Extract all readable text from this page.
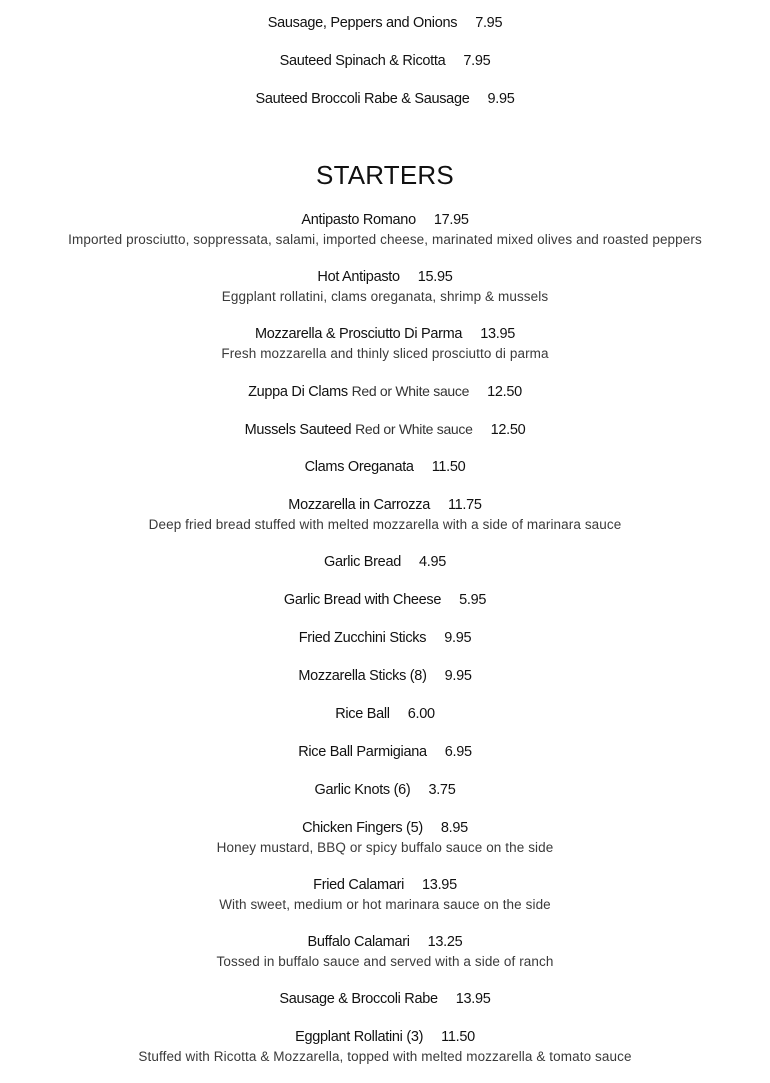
Sausage, Peppers and Onions 7.95
Sauteed Spinach & Ricotta 7.95
Sauteed Broccoli Rabe & Sausage 9.95
STARTERS
Antipasto Romano 17.95
Imported prosciutto, soppressata, salami, imported cheese, marinated mixed olives and roasted peppers
Hot Antipasto 15.95
Eggplant rollatini, clams oreganata, shrimp & mussels
Mozzarella & Prosciutto Di Parma 13.95
Fresh mozzarella and thinly sliced prosciutto di parma
Zuppa Di Clams Red or White sauce 12.50
Mussels Sauteed Red or White sauce 12.50
Clams Oreganata 11.50
Mozzarella in Carrozza 11.75
Deep fried bread stuffed with melted mozzarella with a side of marinara sauce
Garlic Bread 4.95
Garlic Bread with Cheese 5.95
Fried Zucchini Sticks 9.95
Mozzarella Sticks (8) 9.95
Rice Ball 6.00
Rice Ball Parmigiana 6.95
Garlic Knots (6) 3.75
Chicken Fingers (5) 8.95
Honey mustard, BBQ or spicy buffalo sauce on the side
Fried Calamari 13.95
With sweet, medium or hot marinara sauce on the side
Buffalo Calamari 13.25
Tossed in buffalo sauce and served with a side of ranch
Sausage & Broccoli Rabe 13.95
Eggplant Rollatini (3) 11.50
Stuffed with Ricotta & Mozzarella, topped with melted mozzarella & tomato sauce
